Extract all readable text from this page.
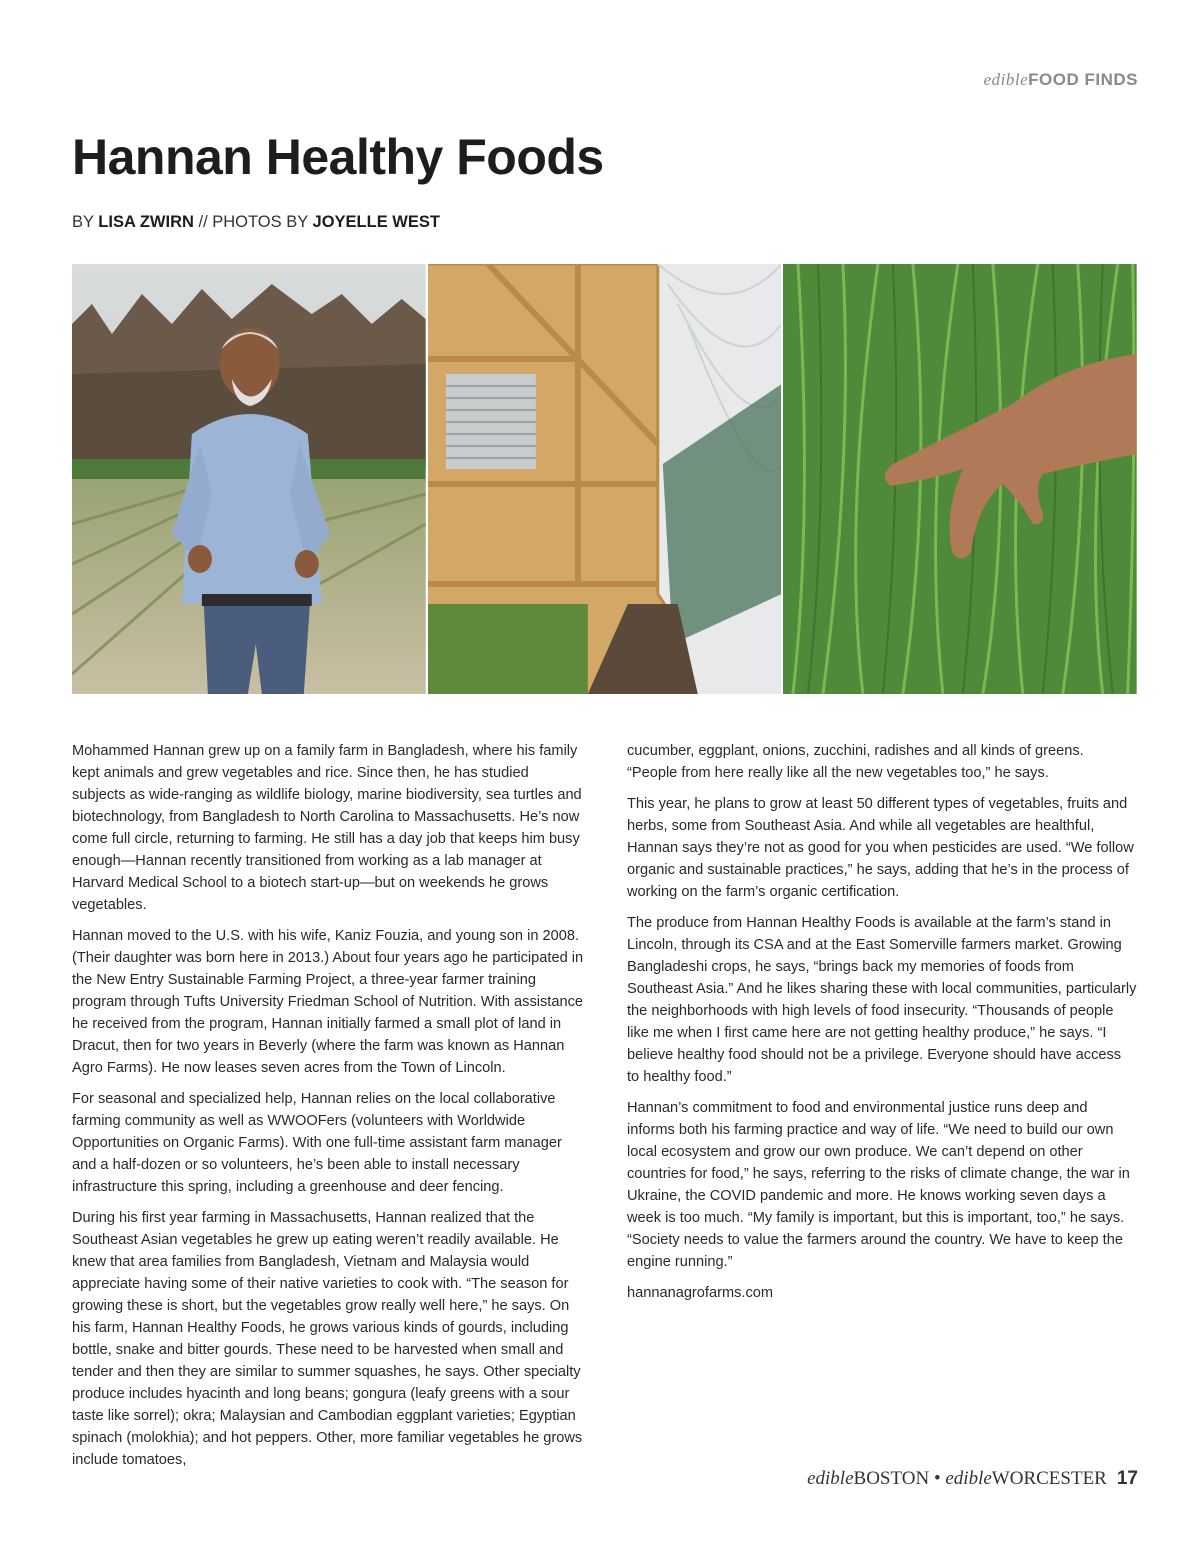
edibleFOOD FINDS
Hannan Healthy Foods
BY LISA ZWIRN // PHOTOS BY JOYELLE WEST

Mohammed Hannan grew up on a family farm in Bangladesh, where his family kept animals and grew vegetables and rice. Since then, he has studied subjects as wide-ranging as wildlife biology, marine biodiversity, sea turtles and biotechnology, from Bangladesh to North Carolina to Massachusetts. He’s now come full circle, returning to farming. He still has a day job that keeps him busy enough—Hannan recently transitioned from working as a lab manager at Harvard Medical School to a biotech start-up—but on weekends he grows vegetables.

Hannan moved to the U.S. with his wife, Kaniz Fouzia, and young son in 2008. (Their daughter was born here in 2013.) About four years ago he participated in the New Entry Sustainable Farming Project, a three-year farmer training program through Tufts University Friedman School of Nutrition. With assistance he received from the program, Hannan initially farmed a small plot of land in Dracut, then for two years in Beverly (where the farm was known as Hannan Agro Farms). He now leases seven acres from the Town of Lincoln.

For seasonal and specialized help, Hannan relies on the local collaborative farming community as well as WWOOFers (volunteers with Worldwide Opportunities on Organic Farms). With one full-time assistant farm manager and a half-dozen or so volunteers, he’s been able to install necessary infrastructure this spring, including a greenhouse and deer fencing.

During his first year farming in Massachusetts, Hannan realized that the Southeast Asian vegetables he grew up eating weren’t readily available. He knew that area families from Bangladesh, Vietnam and Malaysia would appreciate having some of their native varieties to cook with. “The season for growing these is short, but the vegetables grow really well here,” he says. On his farm, Hannan Healthy Foods, he grows various kinds of gourds, including bottle, snake and bitter gourds. These need to be harvested when small and tender and then they are similar to summer squashes, he says. Other specialty produce includes hyacinth and long beans; gongura (leafy greens with a sour taste like sorrel); okra; Malaysian and Cambodian eggplant varieties; Egyptian spinach (molokhia); and hot peppers. Other, more familiar vegetables he grows include tomatoes,

cucumber, eggplant, onions, zucchini, radishes and all kinds of greens. “People from here really like all the new vegetables too,” he says.

This year, he plans to grow at least 50 different types of vegetables, fruits and herbs, some from Southeast Asia. And while all vegetables are healthful, Hannan says they’re not as good for you when pesticides are used. “We follow organic and sustainable practices,” he says, adding that he’s in the process of working on the farm’s organic certification.

The produce from Hannan Healthy Foods is available at the farm’s stand in Lincoln, through its CSA and at the East Somerville farmers market. Growing Bangladeshi crops, he says, “brings back my memories of foods from Southeast Asia.” And he likes sharing these with local communities, particularly the neighborhoods with high levels of food insecurity. “Thousands of people like me when I first came here are not getting healthy produce,” he says. “I believe healthy food should not be a privilege. Everyone should have access to healthy food.”

Hannan’s commitment to food and environmental justice runs deep and informs both his farming practice and way of life. “We need to build our own local ecosystem and grow our own produce. We can’t depend on other countries for food,” he says, referring to the risks of climate change, the war in Ukraine, the COVID pandemic and more. He knows working seven days a week is too much. “My family is important, but this is important, too,” he says. “Society needs to value the farmers around the country. We have to keep the engine running.”

hannanagrofarms.com

edibleBOSTON • edibleWORCESTER 17
